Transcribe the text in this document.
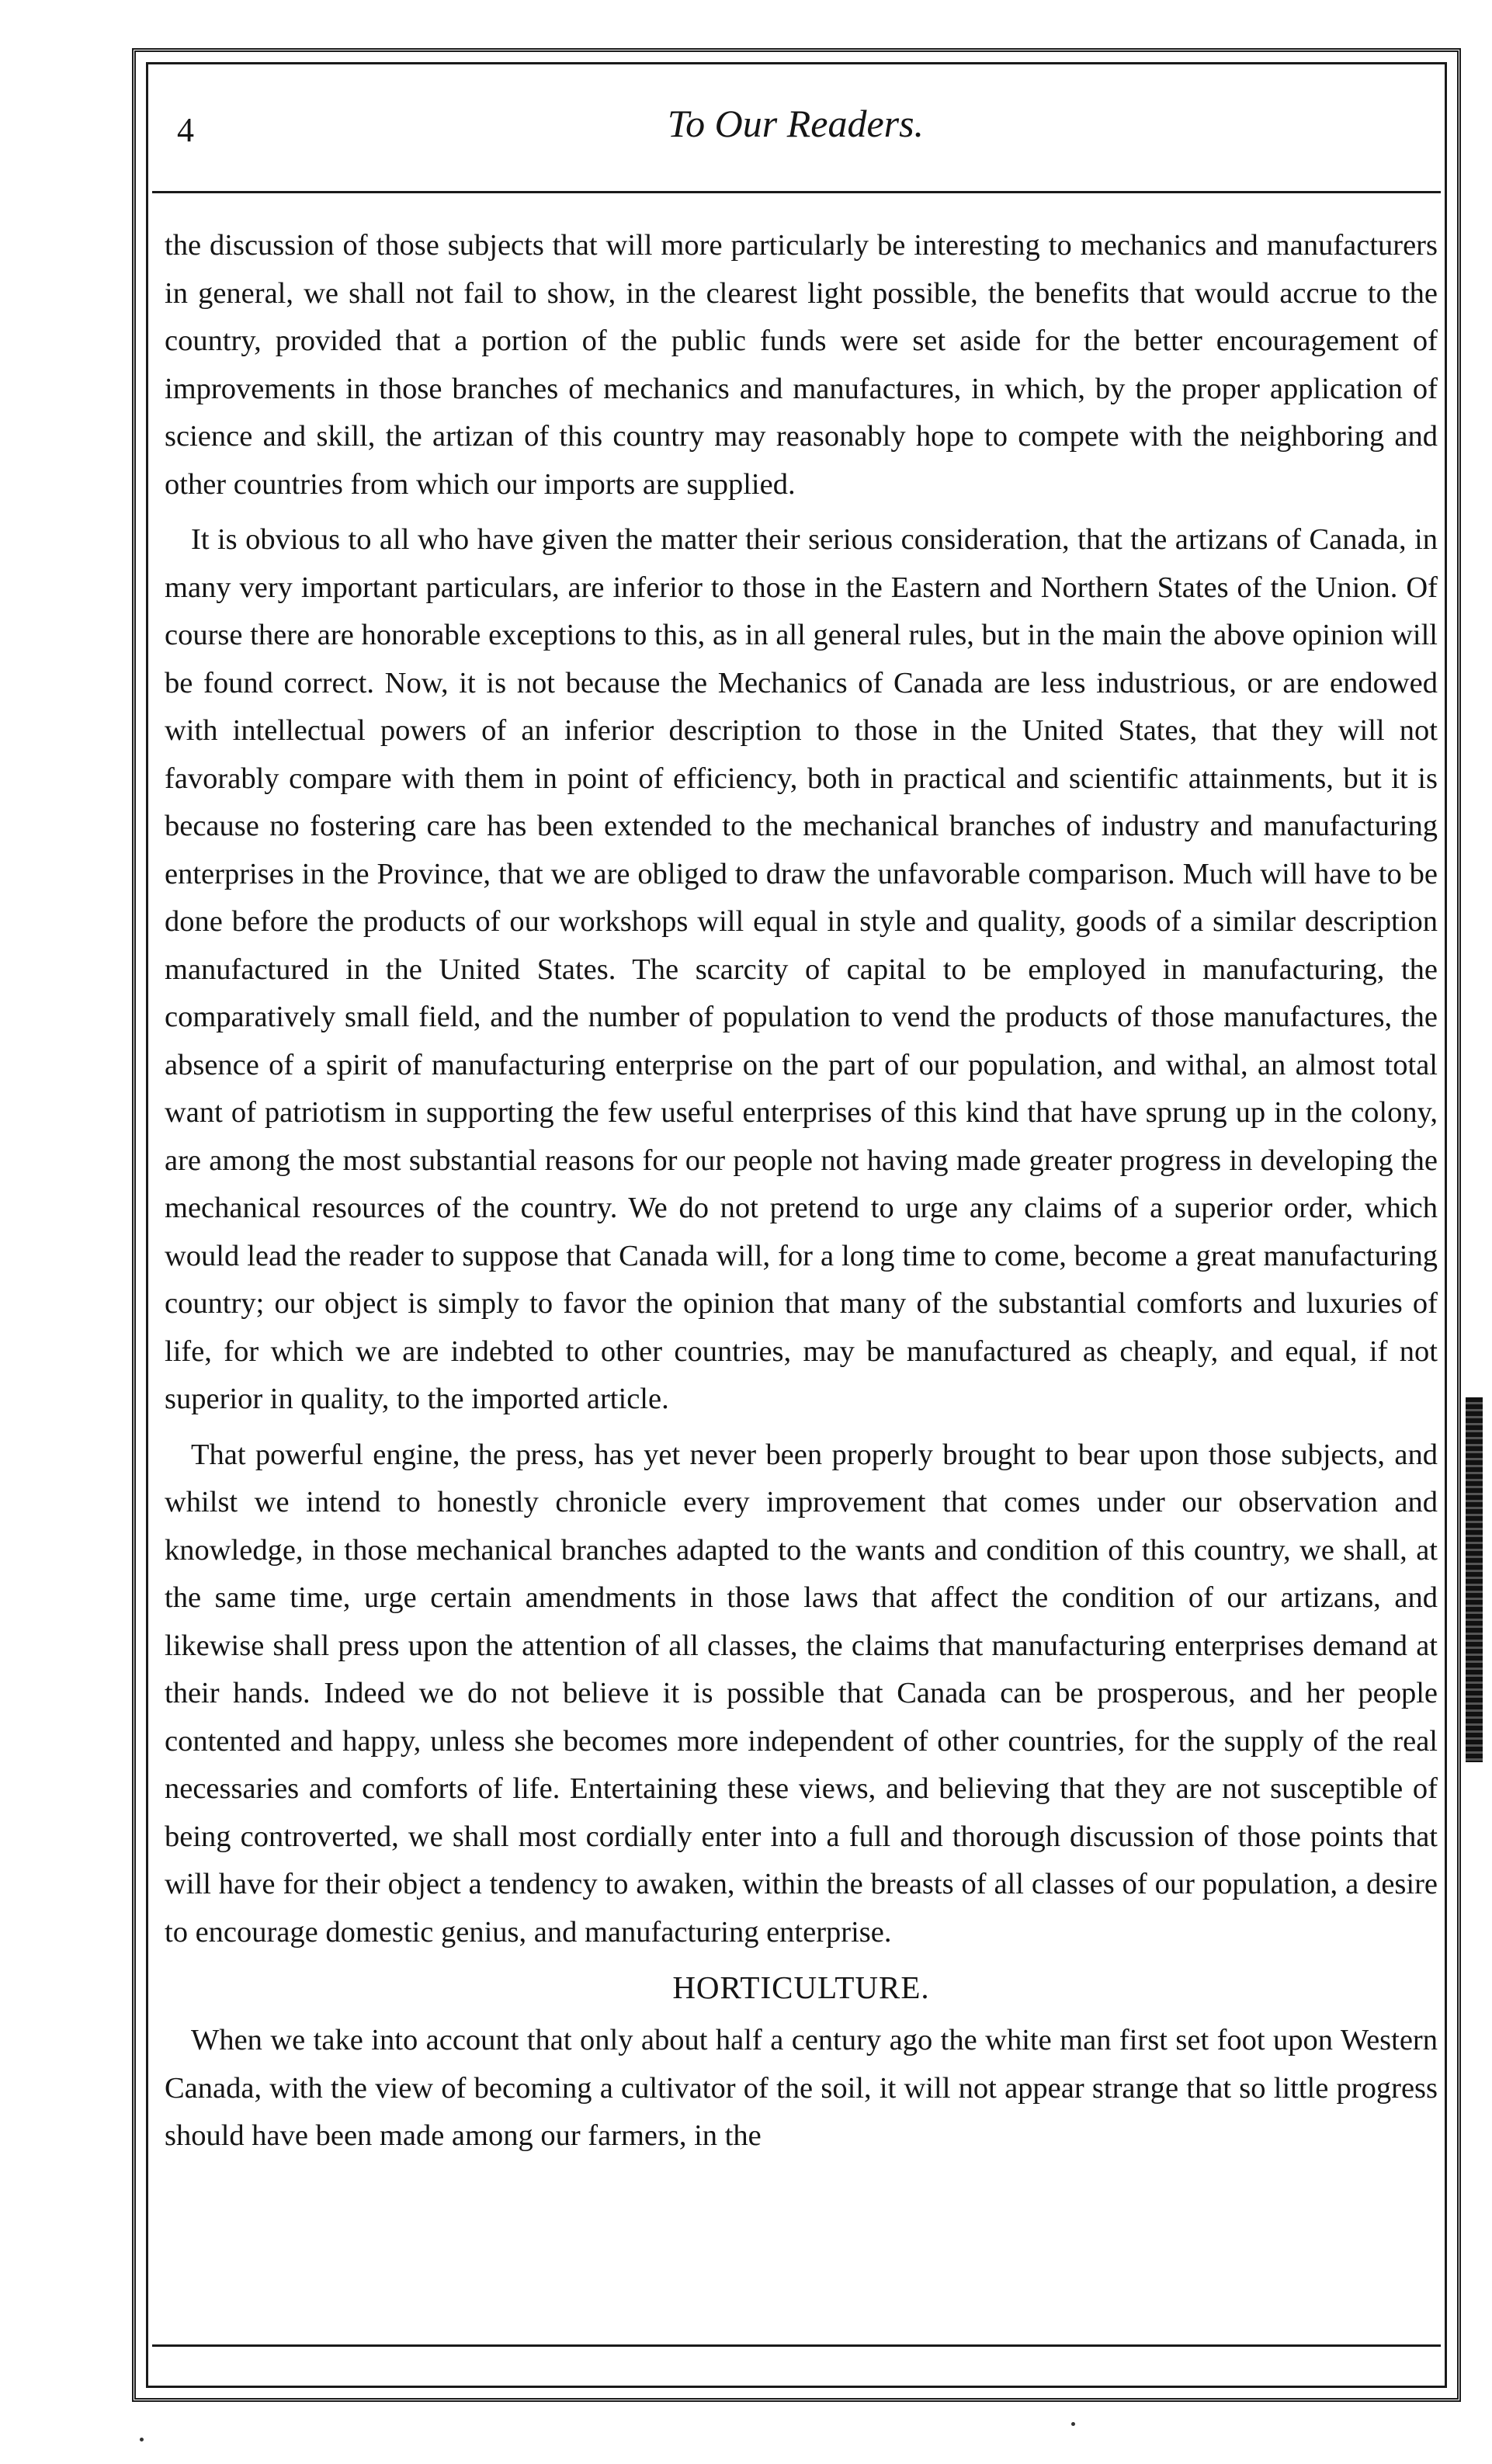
4	To Our Readers.

the discussion of those subjects that will more particularly be interesting to mechanics and manufacturers in general, we shall not fail to show, in the clearest light possible, the benefits that would accrue to the country, provided that a portion of the public funds were set aside for the better encouragement of improvements in those branches of mechanics and manufactures, in which, by the proper application of science and skill, the artizan of this country may reasonably hope to compete with the neighboring and other countries from which our imports are supplied.

It is obvious to all who have given the matter their serious consideration, that the artizans of Canada, in many very important particulars, are inferior to those in the Eastern and Northern States of the Union. Of course there are honorable exceptions to this, as in all general rules, but in the main the above opinion will be found correct. Now, it is not because the Mechanics of Canada are less industrious, or are endowed with intellectual powers of an inferior description to those in the United States, that they will not favorably compare with them in point of efficiency, both in practical and scientific attainments, but it is because no fostering care has been extended to the mechanical branches of industry and manufacturing enterprises in the Province, that we are obliged to draw the unfavorable comparison. Much will have to be done before the products of our workshops will equal in style and quality, goods of a similar description manufactured in the United States. The scarcity of capital to be employed in manufacturing, the comparatively small field, and the number of population to vend the products of those manufactures, the absence of a spirit of manufacturing enterprise on the part of our population, and withal, an almost total want of patriotism in supporting the few useful enterprises of this kind that have sprung up in the colony, are among the most substantial reasons for our people not having made greater progress in developing the mechanical resources of the country. We do not pretend to urge any claims of a superior order, which would lead the reader to suppose that Canada will, for a long time to come, become a great manufacturing country; our object is simply to favor the opinion that many of the substantial comforts and luxuries of life, for which we are indebted to other countries, may be manufactured as cheaply, and equal, if not superior in quality, to the imported article.

That powerful engine, the press, has yet never been properly brought to bear upon those subjects, and whilst we intend to honestly chronicle every improvement that comes under our observation and knowledge, in those mechanical branches adapted to the wants and condition of this country, we shall, at the same time, urge certain amendments in those laws that affect the condition of our artizans, and likewise shall press upon the attention of all classes, the claims that manufacturing enterprises demand at their hands. Indeed we do not believe it is possible that Canada can be prosperous, and her people contented and happy, unless she becomes more independent of other countries, for the supply of the real necessaries and comforts of life. Entertaining these views, and believing that they are not susceptible of being controverted, we shall most cordially enter into a full and thorough discussion of those points that will have for their object a tendency to awaken, within the breasts of all classes of our population, a desire to encourage domestic genius, and manufacturing enterprise.

HORTICULTURE.

When we take into account that only about half a century ago the white man first set foot upon Western Canada, with the view of becoming a cultivator of the soil, it will not appear strange that so little progress should have been made among our farmers, in the
